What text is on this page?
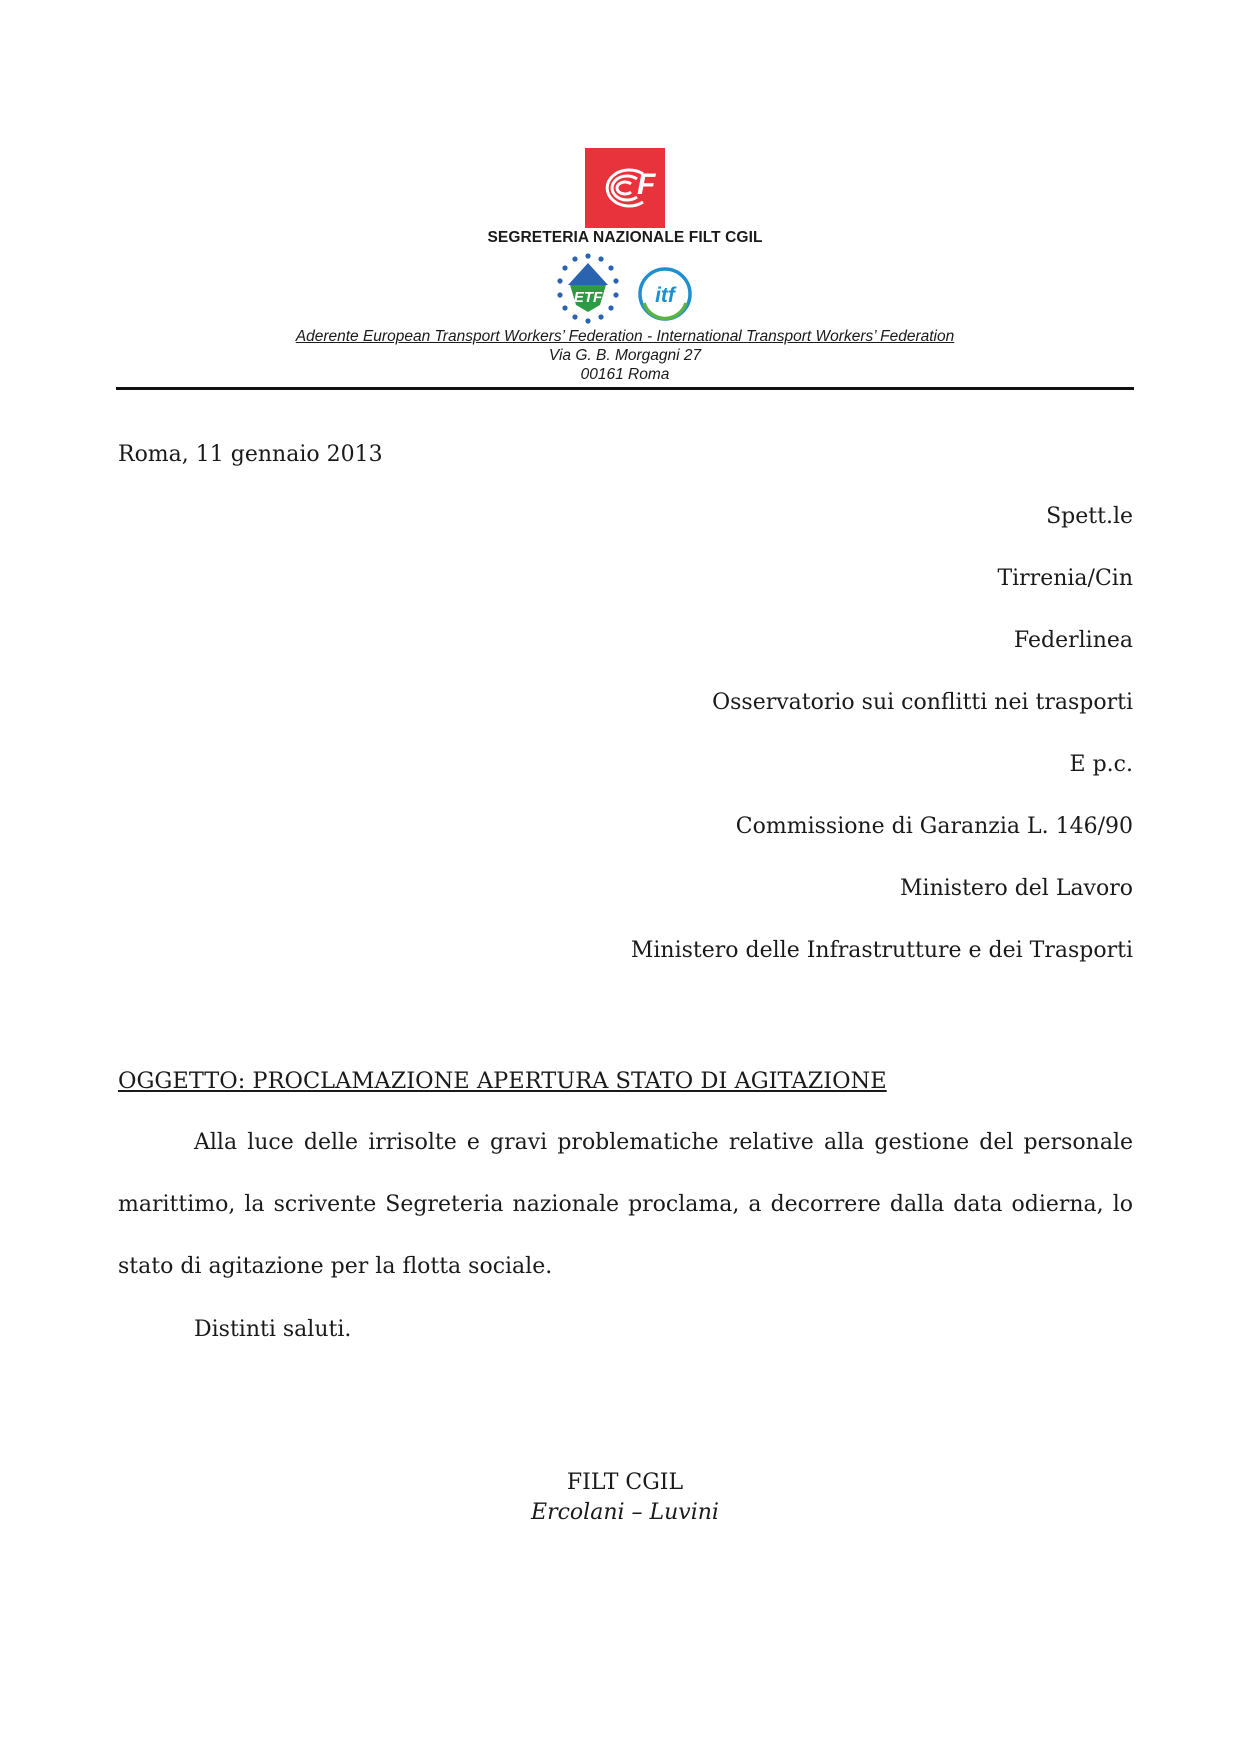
F
SEGRETERIA NAZIONALE FILT CGIL
ETF	itf
Aderente European Transport Workers’ Federation - International Transport Workers’ Federation
Via G. B. Morgagni 27
00161 Roma
Roma, 11 gennaio 2013
Spett.le
Tirrenia/Cin
Federlinea
Osservatorio sui conflitti nei trasporti
E p.c.
Commissione di Garanzia L. 146/90
Ministero del Lavoro
Ministero delle Infrastrutture e dei Trasporti
OGGETTO: PROCLAMAZIONE APERTURA STATO DI AGITAZIONE
Alla luce delle irrisolte e gravi problematiche relative alla gestione del personale
marittimo, la scrivente Segreteria nazionale proclama, a decorrere dalla data odierna, lo
stato di agitazione per la flotta sociale.
Distinti saluti.
FILT CGIL
Ercolani – Luvini
